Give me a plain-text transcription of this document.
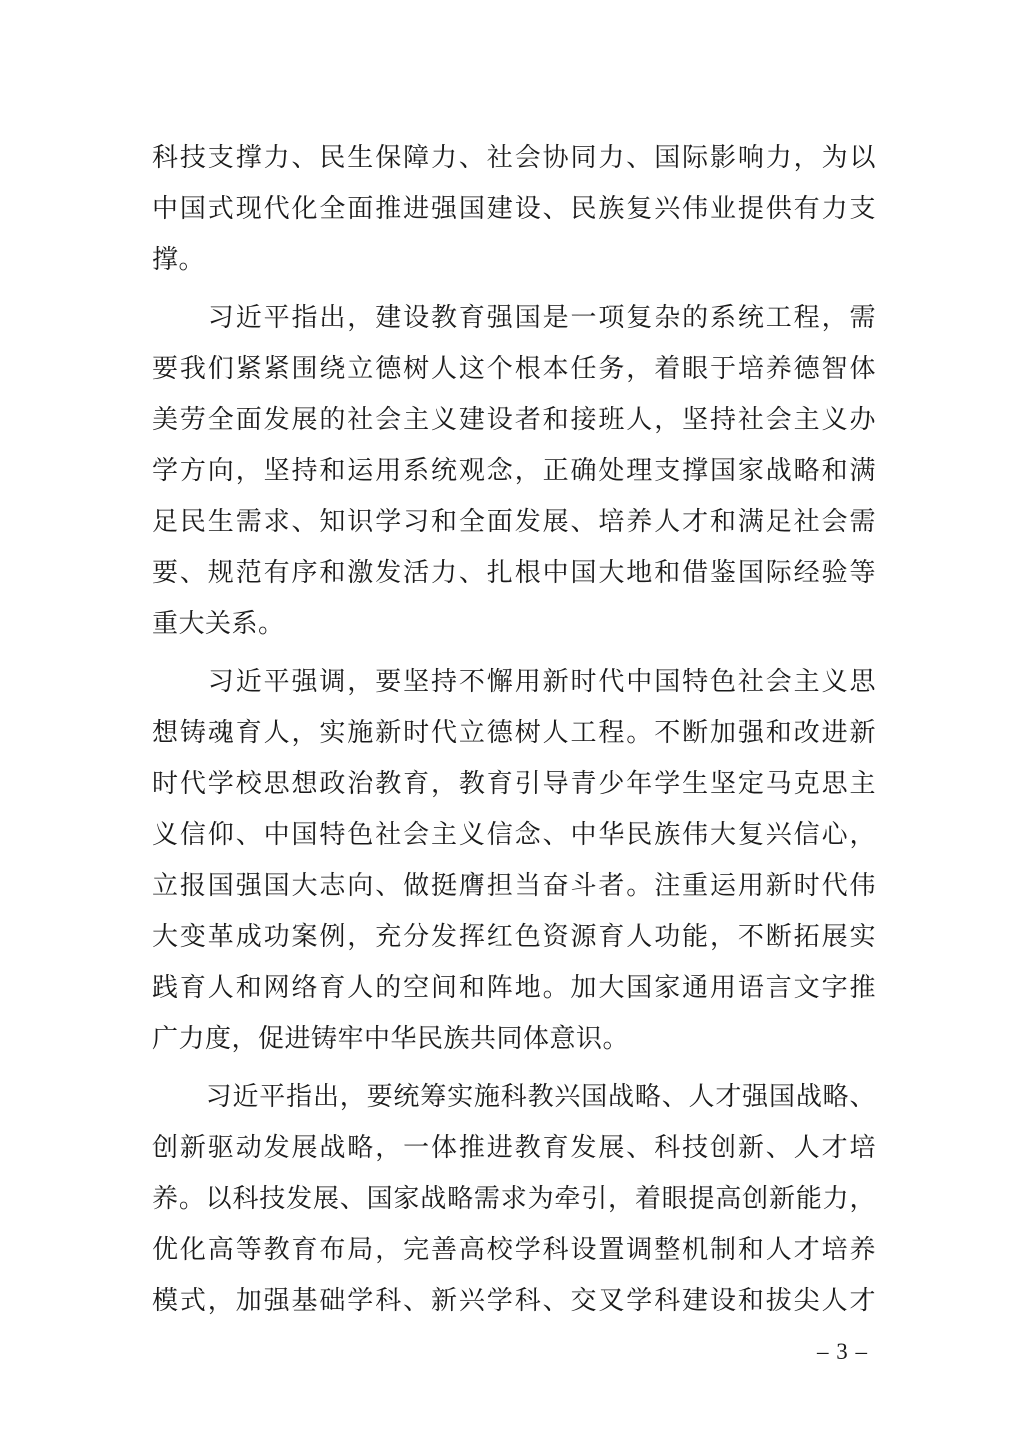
科技支撑力、民生保障力、社会协同力、国际影响力，为以
中国式现代化全面推进强国建设、民族复兴伟业提供有力支
撑。
　　习近平指出，建设教育强国是一项复杂的系统工程，需
要我们紧紧围绕立德树人这个根本任务，着眼于培养德智体
美劳全面发展的社会主义建设者和接班人，坚持社会主义办
学方向，坚持和运用系统观念，正确处理支撑国家战略和满
足民生需求、知识学习和全面发展、培养人才和满足社会需
要、规范有序和激发活力、扎根中国大地和借鉴国际经验等
重大关系。
　　习近平强调，要坚持不懈用新时代中国特色社会主义思
想铸魂育人，实施新时代立德树人工程。不断加强和改进新
时代学校思想政治教育，教育引导青少年学生坚定马克思主
义信仰、中国特色社会主义信念、中华民族伟大复兴信心，
立报国强国大志向、做挺膺担当奋斗者。注重运用新时代伟
大变革成功案例，充分发挥红色资源育人功能，不断拓展实
践育人和网络育人的空间和阵地。加大国家通用语言文字推
广力度，促进铸牢中华民族共同体意识。
　　习近平指出，要统筹实施科教兴国战略、人才强国战略、
创新驱动发展战略，一体推进教育发展、科技创新、人才培
养。以科技发展、国家战略需求为牵引，着眼提高创新能力，
优化高等教育布局，完善高校学科设置调整机制和人才培养
模式，加强基础学科、新兴学科、交叉学科建设和拔尖人才
– 3 –
